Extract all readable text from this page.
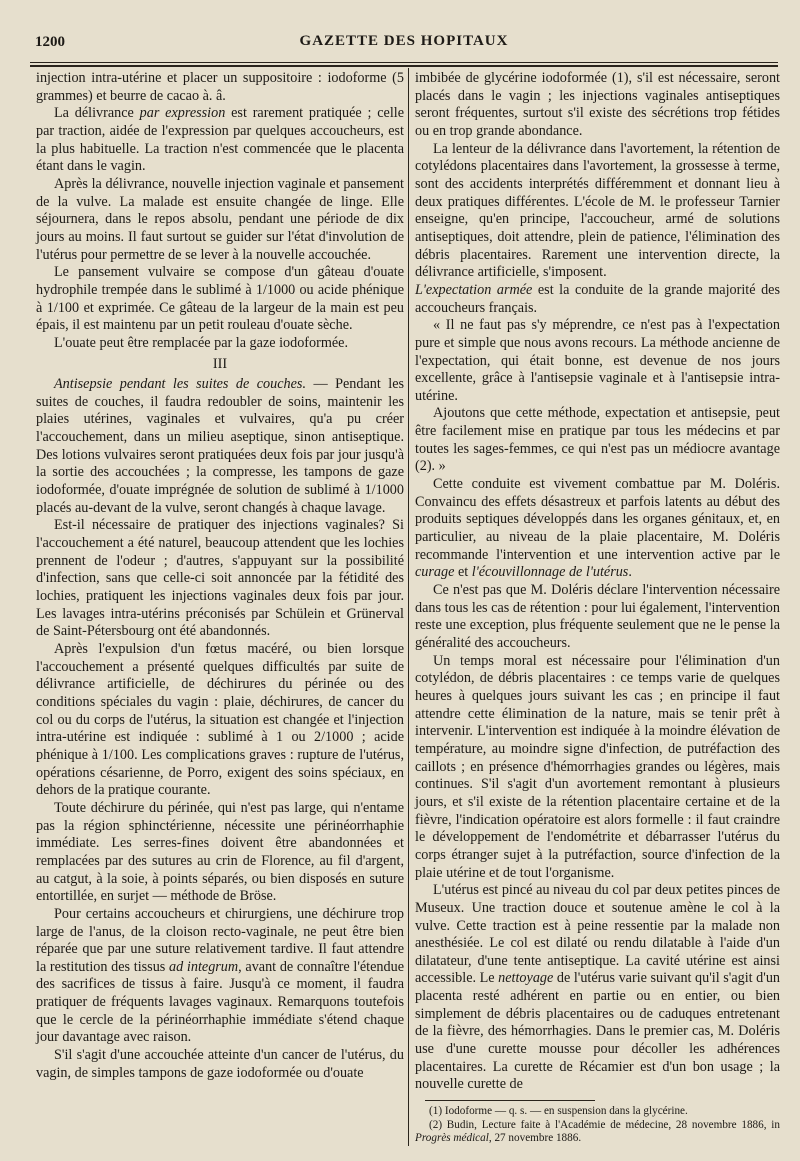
1200	GAZETTE DES HOPITAUX

injection intra-utérine et placer un suppositoire : iodoforme (5 grammes) et beurre de cacao à. â.

La délivrance par expression est rarement pratiquée ; celle par traction, aidée de l'expression par quelques accoucheurs, est la plus habituelle. La traction n'est commencée que le placenta étant dans le vagin.

Après la délivrance, nouvelle injection vaginale et pansement de la vulve. La malade est ensuite changée de linge. Elle séjournera, dans le repos absolu, pendant une période de dix jours au moins. Il faut surtout se guider sur l'état d'involution de l'utérus pour permettre de se lever à la nouvelle accouchée.

Le pansement vulvaire se compose d'un gâteau d'ouate hydrophile trempée dans le sublimé à 1/1000 ou acide phénique à 1/100 et exprimée. Ce gâteau de la largeur de la main est peu épais, il est maintenu par un petit rouleau d'ouate sèche.

L'ouate peut être remplacée par la gaze iodoformée.

III

Antisepsie pendant les suites de couches. — Pendant les suites de couches, il faudra redoubler de soins, maintenir les plaies utérines, vaginales et vulvaires, qu'a pu créer l'accouchement, dans un milieu aseptique, sinon antiseptique. Des lotions vulvaires seront pratiquées deux fois par jour jusqu'à la sortie des accouchées ; la compresse, les tampons de gaze iodoformée, d'ouate imprégnée de solution de sublimé à 1/1000 placés au-devant de la vulve, seront changés à chaque lavage.

Est-il nécessaire de pratiquer des injections vaginales? Si l'accouchement a été naturel, beaucoup attendent que les lochies prennent de l'odeur ; d'autres, s'appuyant sur la possibilité d'infection, sans que celle-ci soit annoncée par la fétidité des lochies, pratiquent les injections vaginales deux fois par jour. Les lavages intra-utérins préconisés par Schülein et Grünerval de Saint-Pétersbourg ont été abandonnés.

Après l'expulsion d'un fœtus macéré, ou bien lorsque l'accouchement a présenté quelques difficultés par suite de délivrance artificielle, de déchirures du périnée ou des conditions spéciales du vagin : plaie, déchirures, de cancer du col ou du corps de l'utérus, la situation est changée et l'injection intra-utérine est indiquée : sublimé à 1 ou 2/1000 ; acide phénique à 1/100. Les complications graves : rupture de l'utérus, opérations césarienne, de Porro, exigent des soins spéciaux, en dehors de la pratique courante.

Toute déchirure du périnée, qui n'est pas large, qui n'entame pas la région sphinctérienne, nécessite une périnéorrhaphie immédiate. Les serres-fines doivent être abandonnées et remplacées par des sutures au crin de Florence, au fil d'argent, au catgut, à la soie, à points séparés, ou bien disposés en suture entortillée, en surjet — méthode de Bröse.

Pour certains accoucheurs et chirurgiens, une déchirure trop large de l'anus, de la cloison recto-vaginale, ne peut être bien réparée que par une suture relativement tardive. Il faut attendre la restitution des tissus ad integrum, avant de connaître l'étendue des sacrifices de tissus à faire. Jusqu'à ce moment, il faudra pratiquer de fréquents lavages vaginaux. Remarquons toutefois que le cercle de la périnéorrhaphie immédiate s'étend chaque jour davantage avec raison.

S'il s'agit d'une accouchée atteinte d'un cancer de l'utérus, du vagin, de simples tampons de gaze iodoformée ou d'ouate

imbibée de glycérine iodoformée (1), s'il est nécessaire, seront placés dans le vagin ; les injections vaginales antiseptiques seront fréquentes, surtout s'il existe des sécrétions trop fétides ou en trop grande abondance.

La lenteur de la délivrance dans l'avortement, la rétention de cotylédons placentaires dans l'avortement, la grossesse à terme, sont des accidents interprétés différemment et donnant lieu à deux pratiques différentes. L'école de M. le professeur Tarnier enseigne, qu'en principe, l'accoucheur, armé de solutions antiseptiques, doit attendre, plein de patience, l'élimination des débris placentaires. Rarement une intervention directe, la délivrance artificielle, s'imposent.

L'expectation armée est la conduite de la grande majorité des accoucheurs français.

« Il ne faut pas s'y méprendre, ce n'est pas à l'expectation pure et simple que nous avons recours. La méthode ancienne de l'expectation, qui était bonne, est devenue de nos jours excellente, grâce à l'antisepsie vaginale et à l'antisepsie intra-utérine.

Ajoutons que cette méthode, expectation et antisepsie, peut être facilement mise en pratique par tous les médecins et par toutes les sages-femmes, ce qui n'est pas un médiocre avantage (2). »

Cette conduite est vivement combattue par M. Doléris. Convaincu des effets désastreux et parfois latents au début des produits septiques développés dans les organes génitaux, et, en particulier, au niveau de la plaie placentaire, M. Doléris recommande l'intervention et une intervention active par le curage et l'écouvillonnage de l'utérus.

Ce n'est pas que M. Doléris déclare l'intervention nécessaire dans tous les cas de rétention : pour lui également, l'intervention reste une exception, plus fréquente seulement que ne le pense la généralité des accoucheurs.

Un temps moral est nécessaire pour l'élimination d'un cotylédon, de débris placentaires : ce temps varie de quelques heures à quelques jours suivant les cas ; en principe il faut attendre cette élimination de la nature, mais se tenir prêt à intervenir. L'intervention est indiquée à la moindre élévation de température, au moindre signe d'infection, de putréfaction des caillots ; en présence d'hémorrhagies grandes ou légères, mais continues. S'il s'agit d'un avortement remontant à plusieurs jours, et s'il existe de la rétention placentaire certaine et de la fièvre, l'indication opératoire est alors formelle : il faut craindre le développement de l'endométrite et débarrasser l'utérus du corps étranger sujet à la putréfaction, source d'infection de la plaie utérine et de tout l'organisme.

L'utérus est pincé au niveau du col par deux petites pinces de Museux. Une traction douce et soutenue amène le col à la vulve. Cette traction est à peine ressentie par la malade non anesthésiée. Le col est dilaté ou rendu dilatable à l'aide d'un dilatateur, d'une tente antiseptique. La cavité utérine est ainsi accessible. Le nettoyage de l'utérus varie suivant qu'il s'agit d'un placenta resté adhérent en partie ou en entier, ou bien simplement de débris placentaires ou de caduques entretenant de la fièvre, des hémorrhagies. Dans le premier cas, M. Doléris use d'une curette mousse pour décoller les adhérences placentaires. La curette de Récamier est d'un bon usage ; la nouvelle curette de

(1) Iodoforme — q. s. — en suspension dans la glycérine.

(2) Budin, Lecture faite à l'Académie de médecine, 28 novembre 1886, in Progrès médical, 27 novembre 1886.
